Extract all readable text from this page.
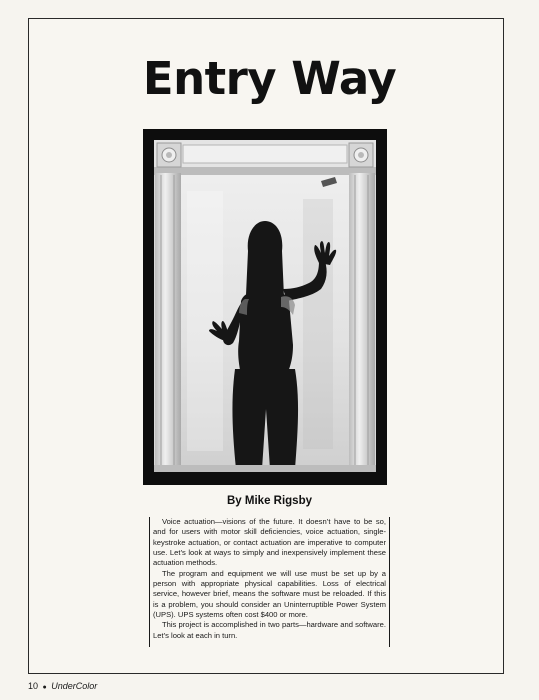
Entry Way
By Mike Rigsby

Voice actuation—visions of the future. It doesn’t have to be so, and for users with motor skill deficiencies, voice actuation, single-keystroke actuation, or contact actuation are imperative to computer use. Let’s look at ways to simply and inexpensively implement these actuation methods.

The program and equipment we will use must be set up by a person with appropriate physical capabilities. Loss of electrical service, however brief, means the software must be reloaded. If this is a problem, you should consider an Uninterruptible Power System (UPS). UPS systems often cost $400 or more.

This project is accomplished in two parts—hardware and software. Let’s look at each in turn.

10 ● UnderColor
